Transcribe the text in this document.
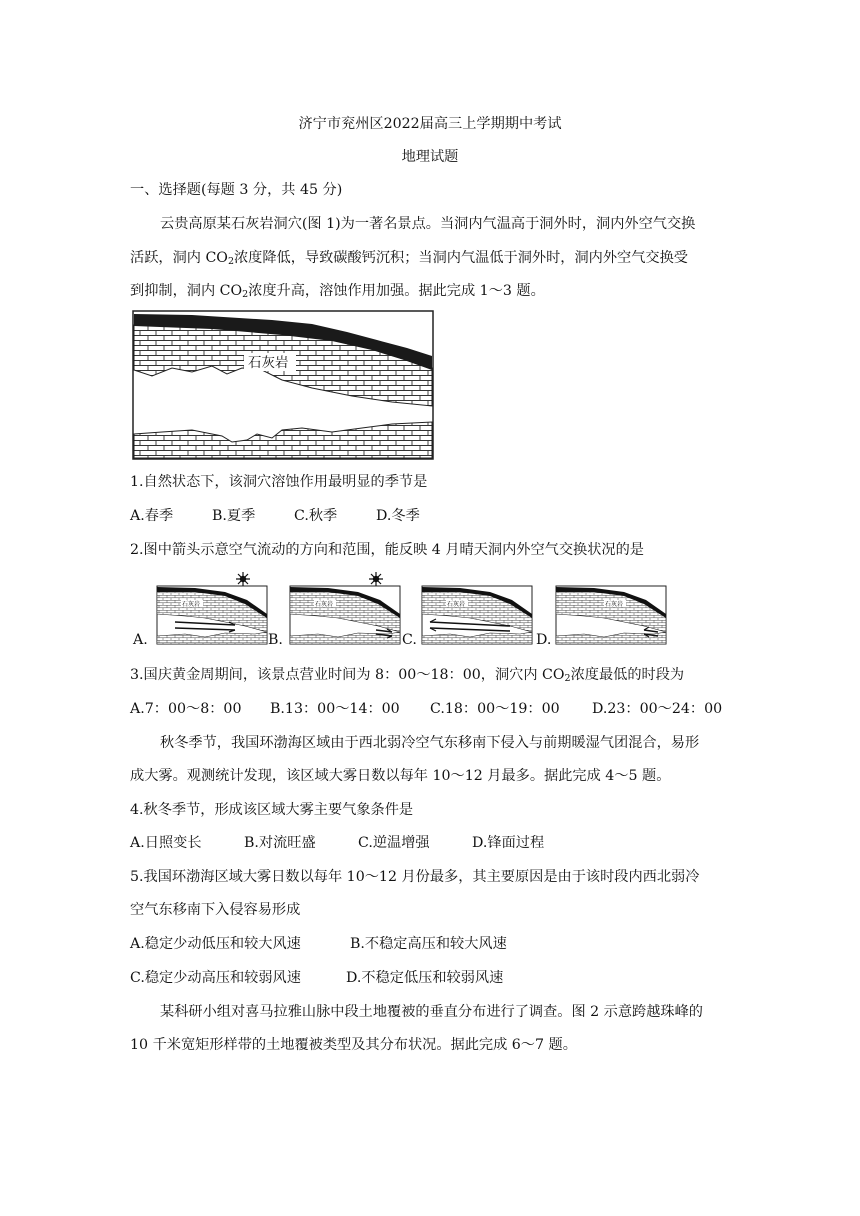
济宁市兖州区2022届高三上学期期中考试
地理试题
一、选择题(每题 3 分，共 45 分)
云贵高原某石灰岩洞穴(图 1)为一著名景点。当洞内气温高于洞外时，洞内外空气交换
活跃，洞内 $CO_2$浓度降低，导致碳酸钙沉积；当洞内气温低于洞外时，洞内外空气交换受
到抑制，洞内 $CO_2$浓度升高，溶蚀作用加强。据此完成 1～3 题。
石灰岩
1.自然状态下，该洞穴溶蚀作用最明显的季节是
A.春季	B.夏季	C.秋季	D.冬季
2.图中箭头示意空气流动的方向和范围，能反映 4 月晴天洞内外空气交换状况的是
A.
石灰岩
B.
石灰岩
C.
石灰岩
D.
石灰岩
3.国庆黄金周期间，该景点营业时间为 8：00～18：00，洞穴内 $CO_2$浓度最低的时段为
A.7：00～8：00 B.13：00～14：00 C.18：00～19：00 D.23：00～24：00
秋冬季节，我国环渤海区域由于西北弱冷空气东移南下侵入与前期暖湿气团混合，易形
成大雾。观测统计发现，该区域大雾日数以每年 10～12 月最多。据此完成 4～5 题。
4.秋冬季节，形成该区域大雾主要气象条件是
A.日照变长	B.对流旺盛	C.逆温增强	D.锋面过程
5.我国环渤海区域大雾日数以每年 10～12 月份最多，其主要原因是由于该时段内西北弱冷
空气东移南下入侵容易形成
A.稳定少动低压和较大风速	B.不稳定高压和较大风速
C.稳定少动高压和较弱风速	D.不稳定低压和较弱风速
某科研小组对喜马拉雅山脉中段土地覆被的垂直分布进行了调查。图 2 示意跨越珠峰的
10 千米宽矩形样带的土地覆被类型及其分布状况。据此完成 6～7 题。
